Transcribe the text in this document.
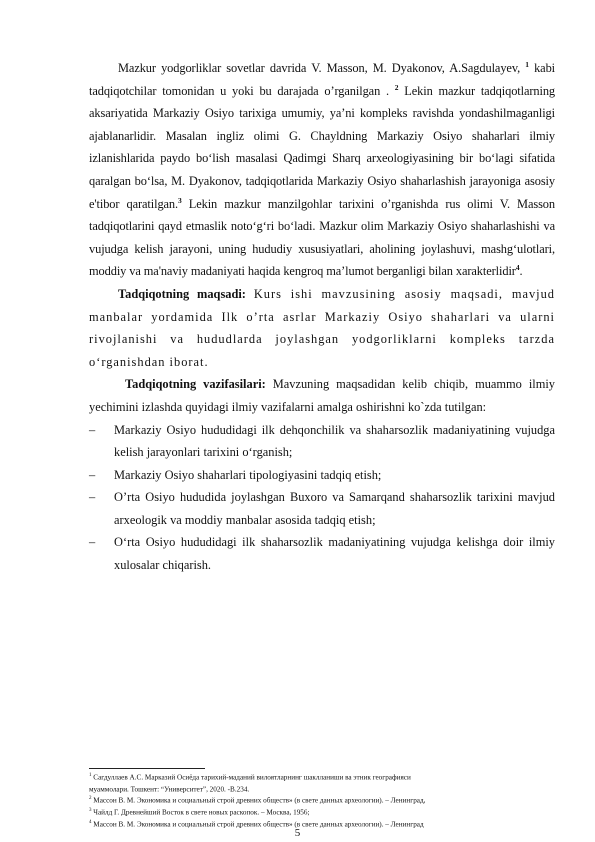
Mazkur yodgorliklar sovetlar davrida V. Masson, M. Dyakonov, A.Sagdulayev, $^1$ kabi tadqiqotchilar tomonidan u yoki bu darajada o’rganilgan . $^2$ Lekin mazkur tadqiqotlarning aksariyatida Markaziy Osiyo tarixiga umumiy, ya’ni kompleks ravishda yondashilmaganligi ajablanarlidir. Masalan ingliz olimi G. Chayldning Markaziy Osiyo shaharlari ilmiy izlanishlarida paydo bo‘lish masalasi Qadimgi Sharq arxeologiyasining bir bo‘lagi sifatida qaralgan bo‘lsa, M. Dyakonov, tadqiqotlarida Markaziy Osiyo shaharlashish jarayoniga asosiy e'tibor qaratilgan.$^3$ Lekin mazkur manzilgohlar tarixini o’rganishda rus olimi V. Masson tadqiqotlarini qayd etmaslik noto‘g‘ri bo‘ladi. Mazkur olim Markaziy Osiyo shaharlashishi va vujudga kelish jarayoni, uning hududiy xususiyatlari, aholining joylashuvi, mashg‘ulotlari, moddiy va ma'naviy madaniyati haqida kengroq ma’lumot berganligi bilan xarakterlidir$^4$.

Tadqiqotning maqsadi: Kurs ishi mavzusining asosiy maqsadi, mavjud manbalar yordamida Ilk o’rta asrlar Markaziy Osiyo shaharlari va ularni rivojlanishi va hududlarda joylashgan yodgorliklarni kompleks tarzda o‘rganishdan iborat.

Tadqiqotning vazifasilari: Mavzuning maqsadidan kelib chiqib, muammo ilmiy yechimini izlashda quyidagi ilmiy vazifalarni amalga oshirishni ko`zda tutilgan:

– Markaziy Osiyo hududidagi ilk dehqonchilik va shaharsozlik madaniyatining vujudga kelish jarayonlari tarixini o‘rganish;
– Markaziy Osiyo shaharlari tipologiyasini tadqiq etish;
– O’rta Osiyo hududida joylashgan Buxoro va Samarqand shaharsozlik tarixini mavjud arxeologik va moddiy manbalar asosida tadqiq etish;
– O‘rta Osiyo hududidagi ilk shaharsozlik madaniyatining vujudga kelishga doir ilmiy xulosalar chiqarish.
$^1$ Сагдуллаев А.С. Марказий Осиёда тарихий-маданий вилоятларнинг шаклланиши ва этник географияси
муаммолари. Тошкент: “Университет”, 2020. -В.234.
$^2$ Массон В. М. Экономика и социальный строй древних обществ» (в свете данных археологии). – Ленинград,
$^3$ Чайлд Г. Древнейший Восток в свете новых раскопок. – Москва, 1956;
$^4$ Массон В. М. Экономика и социальный строй древних обществ» (в свете данных археологии). – Ленинград
5
